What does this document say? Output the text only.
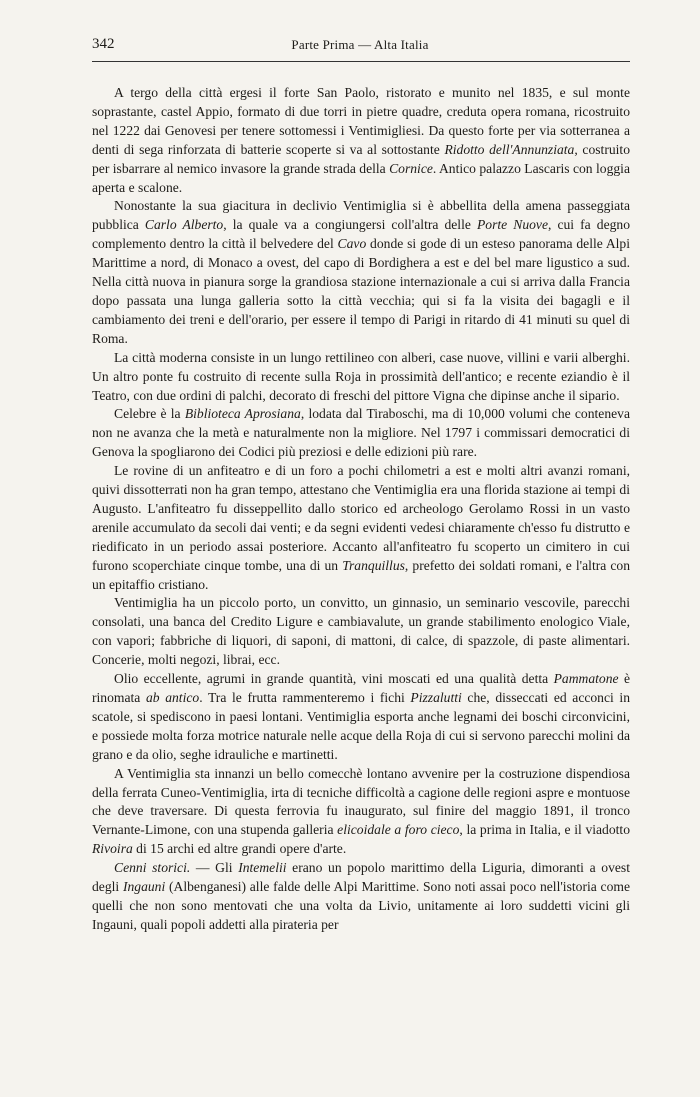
342	Parte Prima — Alta Italia

A tergo della città ergesi il forte San Paolo, ristorato e munito nel 1835, e sul monte soprastante, castel Appio, formato di due torri in pietre quadre, creduta opera romana, ricostruito nel 1222 dai Genovesi per tenere sottomessi i Ventimigliesi. Da questo forte per via sotterranea a denti di sega rinforzata di batterie scoperte si va al sottostante Ridotto dell'Annunziata, costruito per isbarrare al nemico invasore la grande strada della Cornice. Antico palazzo Lascaris con loggia aperta e scalone.

Nonostante la sua giacitura in declivio Ventimiglia si è abbellita della amena passeggiata pubblica Carlo Alberto, la quale va a congiungersi coll'altra delle Porte Nuove, cui fa degno complemento dentro la città il belvedere del Cavo donde si gode di un esteso panorama delle Alpi Marittime a nord, di Monaco a ovest, del capo di Bordighera a est e del bel mare ligustico a sud. Nella città nuova in pianura sorge la grandiosa stazione internazionale a cui si arriva dalla Francia dopo passata una lunga galleria sotto la città vecchia; qui si fa la visita dei bagagli e il cambiamento dei treni e dell'orario, per essere il tempo di Parigi in ritardo di 41 minuti su quel di Roma.

La città moderna consiste in un lungo rettilineo con alberi, case nuove, villini e varii alberghi. Un altro ponte fu costruito di recente sulla Roja in prossimità dell'antico; e recente eziandio è il Teatro, con due ordini di palchi, decorato di freschi del pittore Vigna che dipinse anche il sipario.

Celebre è la Biblioteca Aprosiana, lodata dal Tiraboschi, ma di 10,000 volumi che conteneva non ne avanza che la metà e naturalmente non la migliore. Nel 1797 i commissari democratici di Genova la spogliarono dei Codici più preziosi e delle edizioni più rare.

Le rovine di un anfiteatro e di un foro a pochi chilometri a est e molti altri avanzi romani, quivi dissotterrati non ha gran tempo, attestano che Ventimiglia era una florida stazione ai tempi di Augusto. L'anfiteatro fu disseppellito dallo storico ed archeologo Gerolamo Rossi in un vasto arenile accumulato da secoli dai venti; e da segni evidenti vedesi chiaramente ch'esso fu distrutto e riedificato in un periodo assai posteriore. Accanto all'anfiteatro fu scoperto un cimitero in cui furono scoperchiate cinque tombe, una di un Tranquillus, prefetto dei soldati romani, e l'altra con un epitaffio cristiano.

Ventimiglia ha un piccolo porto, un convitto, un ginnasio, un seminario vescovile, parecchi consolati, una banca del Credito Ligure e cambiavalute, un grande stabilimento enologico Viale, con vapori; fabbriche di liquori, di saponi, di mattoni, di calce, di spazzole, di paste alimentari. Concerie, molti negozi, librai, ecc.

Olio eccellente, agrumi in grande quantità, vini moscati ed una qualità detta Pammatone è rinomata ab antico. Tra le frutta rammenteremo i fichi Pizzalutti che, disseccati ed acconci in scatole, si spediscono in paesi lontani. Ventimiglia esporta anche legnami dei boschi circonvicini, e possiede molta forza motrice naturale nelle acque della Roja di cui si servono parecchi molini da grano e da olio, seghe idrauliche e martinetti.

A Ventimiglia sta innanzi un bello comecchè lontano avvenire per la costruzione dispendiosa della ferrata Cuneo-Ventimiglia, irta di tecniche difficoltà a cagione delle regioni aspre e montuose che deve traversare. Di questa ferrovia fu inaugurato, sul finire del maggio 1891, il tronco Vernante-Limone, con una stupenda galleria elicoidale a foro cieco, la prima in Italia, e il viadotto Rivoira di 15 archi ed altre grandi opere d'arte.

Cenni storici. — Gli Intemelii erano un popolo marittimo della Liguria, dimoranti a ovest degli Ingauni (Albenganesi) alle falde delle Alpi Marittime. Sono noti assai poco nell'istoria come quelli che non sono mentovati che una volta da Livio, unitamente ai loro suddetti vicini gli Ingauni, quali popoli addetti alla pirateria per
